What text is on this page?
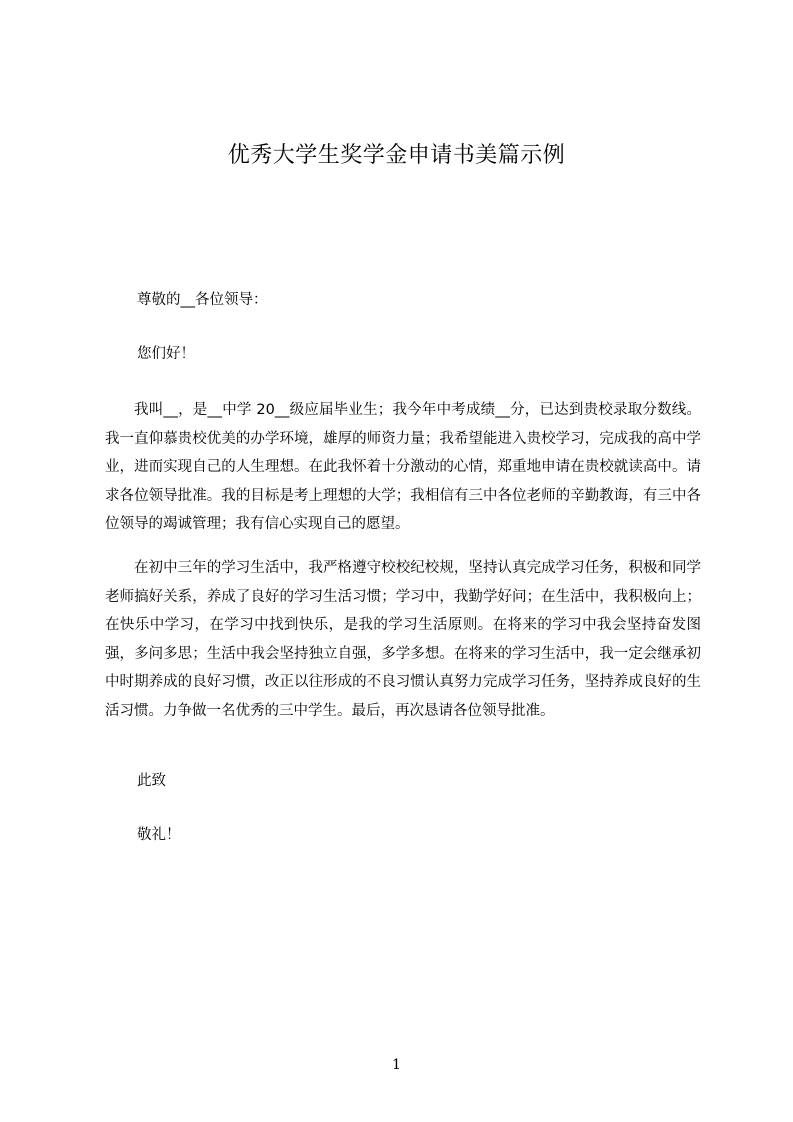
优秀大学生奖学金申请书美篇示例

尊敬的__各位领导：

您们好！

我叫__，是__中学 20__级应届毕业生；我今年中考成绩__分，已达到贵校录取分数线。我一直仰慕贵校优美的办学环境，雄厚的师资力量；我希望能进入贵校学习，完成我的高中学业，进而实现自己的人生理想。在此我怀着十分激动的心情，郑重地申请在贵校就读高中。请求各位领导批准。我的目标是考上理想的大学；我相信有三中各位老师的辛勤教诲，有三中各位领导的竭诚管理；我有信心实现自己的愿望。

在初中三年的学习生活中，我严格遵守校校纪校规，坚持认真完成学习任务，积极和同学老师搞好关系，养成了良好的学习生活习惯；学习中，我勤学好问；在生活中，我积极向上；在快乐中学习，在学习中找到快乐，是我的学习生活原则。在将来的学习中我会坚持奋发图强，多问多思；生活中我会坚持独立自强，多学多想。在将来的学习生活中，我一定会继承初中时期养成的良好习惯，改正以往形成的不良习惯认真努力完成学习任务，坚持养成良好的生活习惯。力争做一名优秀的三中学生。最后，再次恳请各位领导批准。

此致

敬礼！

1
